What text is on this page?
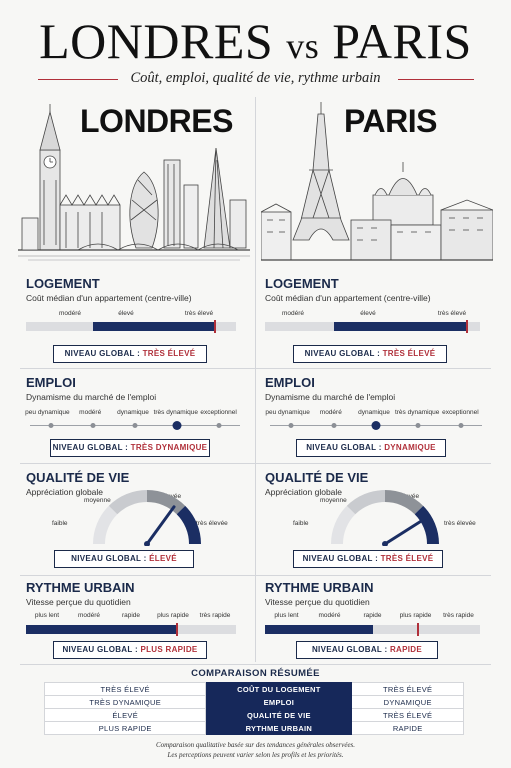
LONDRES vs PARIS
Coût, emploi, qualité de vie, rythme urbain
LONDRES	PARIS
LOGEMENT
Coût médian d'un appartement (centre-ville)
modéré	élevé	très élevé
NIVEAU GLOBAL : TRÈS ÉLEVÉ
LOGEMENT
Coût médian d'un appartement (centre-ville)
modéré	élevé	très élevé
NIVEAU GLOBAL : TRÈS ÉLEVÉ
EMPLOI
Dynamisme du marché de l'emploi
peu dynamique modéré dynamique très dynamique exceptionnel
NIVEAU GLOBAL : TRÈS DYNAMIQUE
EMPLOI
Dynamisme du marché de l'emploi
peu dynamique modéré	dynamique très dynamique exceptionnel
NIVEAU GLOBAL : DYNAMIQUE
QUALITÉ DE VIE
Appréciation globale
faible
moyenne
élevée
très élevée
NIVEAU GLOBAL : ÉLEVÉ
QUALITÉ DE VIE
Appréciation globale
faible
moyenne
élevée
très élevée
NIVEAU GLOBAL : TRÈS ÉLEVÉ
RYTHME URBAIN
Vitesse perçue du quotidien
plus lent	modéré	rapide	plus rapide très rapide
NIVEAU GLOBAL : PLUS RAPIDE
RYTHME URBAIN
Vitesse perçue du quotidien
plus lent	modéré	rapide	plus rapide très rapide
NIVEAU GLOBAL : RAPIDE
COMPARAISON RÉSUMÉE
TRÈS ÉLEVÉ	COÛT DU LOGEMENT	TRÈS ÉLEVÉ
TRÈS DYNAMIQUE	EMPLOI	DYNAMIQUE
ÉLEVÉ	QUALITÉ DE VIE	TRÈS ÉLEVÉ
PLUS RAPIDE	RYTHME URBAIN	RAPIDE
Comparaison qualitative basée sur des tendances générales observées.
Les perceptions peuvent varier selon les profils et les priorités.
